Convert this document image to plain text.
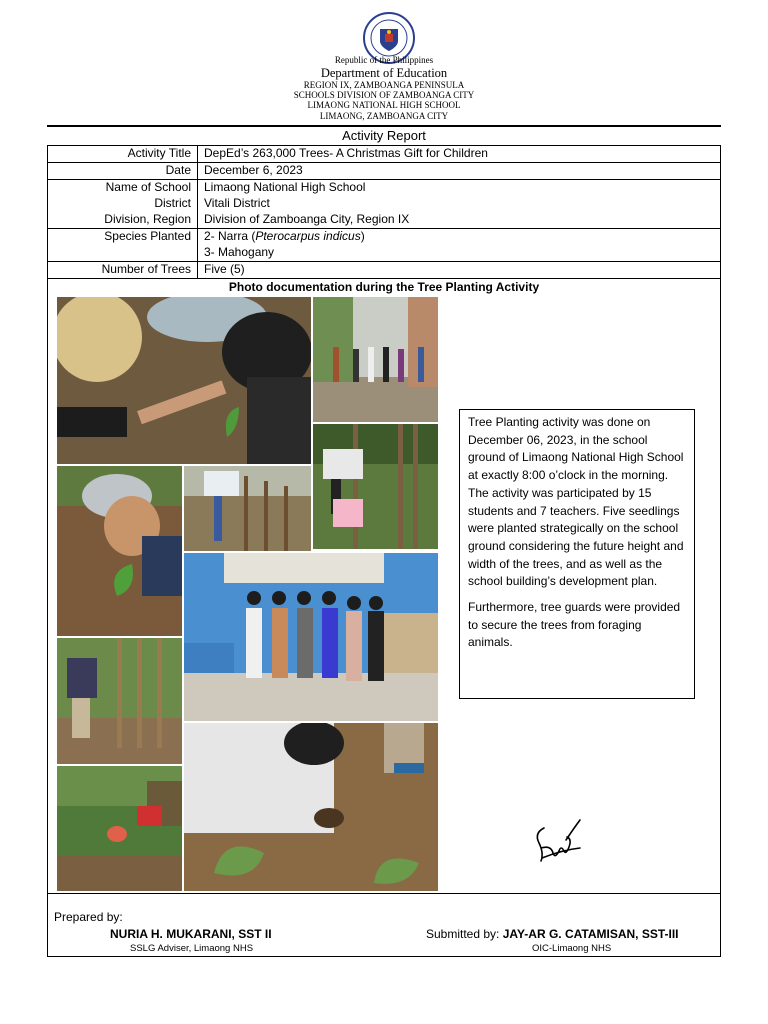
Republic of the Philippines
Department of Education
REGION IX, ZAMBOANGA PENINSULA
SCHOOLS DIVISION OF ZAMBOANGA CITY
LIMAONG NATIONAL HIGH SCHOOL
LIMAONG, ZAMBOANGA CITY
Activity Report
Activity Title DepEd’s 263,000 Trees- A Christmas Gift for Children
Date December 6, 2023
Name of School Limaong National High School
District Vitali District
Division, Region Division of Zamboanga City, Region IX
Species Planted 2- Narra (Pterocarpus indicus)
3- Mahogany
Number of Trees Five (5)
Photo documentation during the Tree Planting Activity

Tree Planting activity was done on December 06, 2023, in the school ground of Limaong National High School at exactly 8:00 o’clock in the morning. The activity was participated by 15 students and 7 teachers. Five seedlings were planted strategically on the school ground considering the future height and width of the trees, and as well as the school building’s development plan.

Furthermore, tree guards were provided to secure the trees from foraging animals.

Prepared by:
NURIA H. MUKARANI, SST II
SSLG Adviser, Limaong NHS
Submitted by: JAY-AR G. CATAMISAN, SST-III
OIC-Limaong NHS
